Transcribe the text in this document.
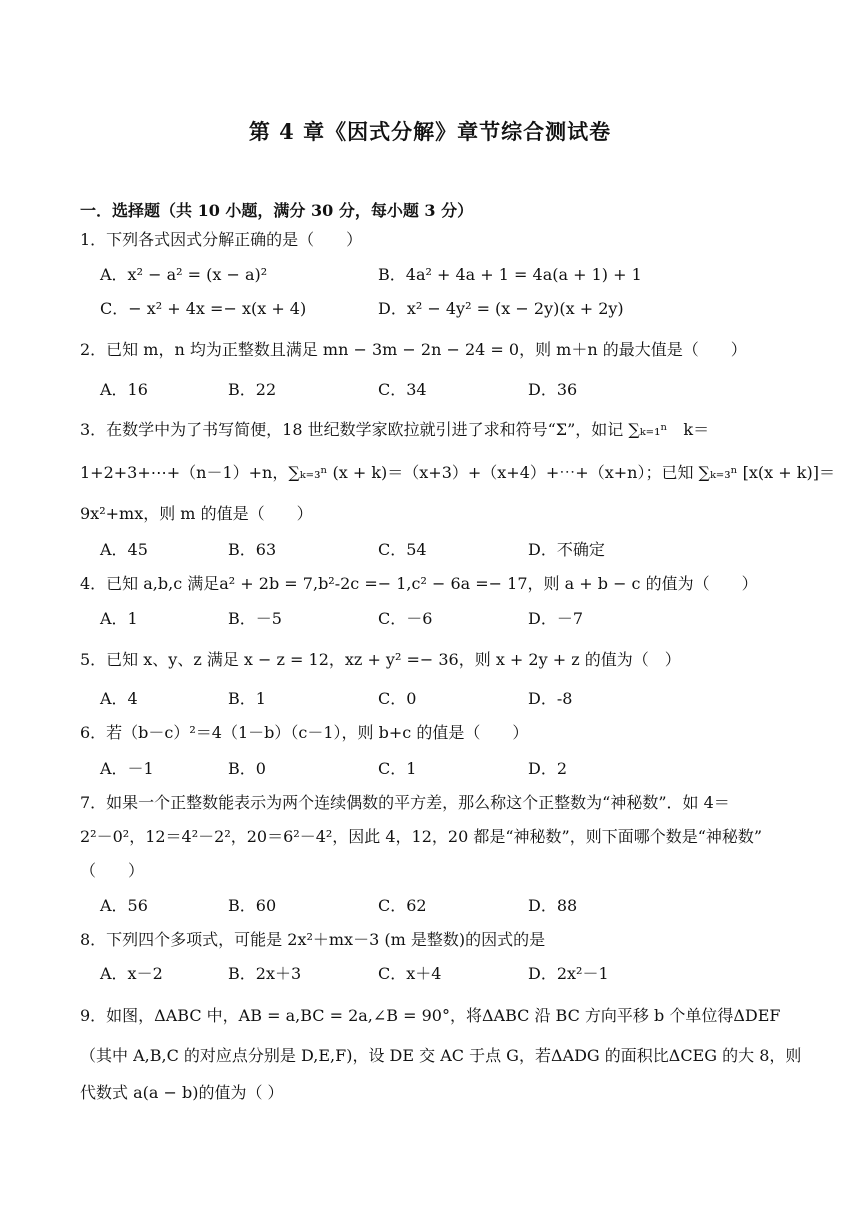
第 4 章《因式分解》章节综合测试卷
一．选择题（共 10 小题，满分 30 分，每小题 3 分）
1．下列各式因式分解正确的是（　　）
A．x² − a² = (x − a)²	B．4a² + 4a + 1 = 4a(a + 1) + 1
C．− x² + 4x =− x(x + 4)	D．x² − 4y² = (x − 2y)(x + 2y)
2．已知 m，n 均为正整数且满足 mn − 3m − 2n − 24 = 0，则 m＋n 的最大值是（　　）
A．16	B．22	C．34	D．36
3．在数学中为了书写简便，18 世纪数学家欧拉就引进了求和符号“Σ”，如记 ∑ₖ₌₁ⁿ　k＝
1+2+3+⋯+（n－1）+n，∑ₖ₌₃ⁿ (x + k)＝（x+3）+（x+4）+⋯+（x+n）；已知 ∑ₖ₌₃ⁿ [x(x + k)]＝
9x²+mx，则 m 的值是（　　）
A．45	B．63	C．54	D．不确定
4．已知 a,b,c 满足a² + 2b = 7,b²-2c =− 1,c² − 6a =− 17，则 a + b − c 的值为（　　）
A．1	B．－5	C．－6	D．－7
5．已知 x、y、z 满足 x − z = 12，xz + y² =− 36，则 x + 2y + z 的值为（　）
A．4	B．1	C．0	D．-8
6．若（b－c）²＝4（1－b）（c－1），则 b+c 的值是（　　）
A．－1	B．0	C．1	D．2
7．如果一个正整数能表示为两个连续偶数的平方差，那么称这个正整数为“神秘数”．如 4＝
2²－0²，12＝4²－2²，20＝6²－4²，因此 4，12，20 都是“神秘数”，则下面哪个数是“神秘数”
（　　）
A．56	B．60	C．62	D．88
8．下列四个多项式，可能是 2x²＋mx－3 (m 是整数)的因式的是
A．x－2	B．2x＋3	C．x＋4	D．2x²－1
9．如图，ΔABC 中，AB = a,BC = 2a,∠B = 90°，将ΔABC 沿 BC 方向平移 b 个单位得ΔDEF
（其中 A,B,C 的对应点分别是 D,E,F)，设 DE 交 AC 于点 G，若ΔADG 的面积比ΔCEG 的大 8，则
代数式 a(a − b)的值为（ ）
